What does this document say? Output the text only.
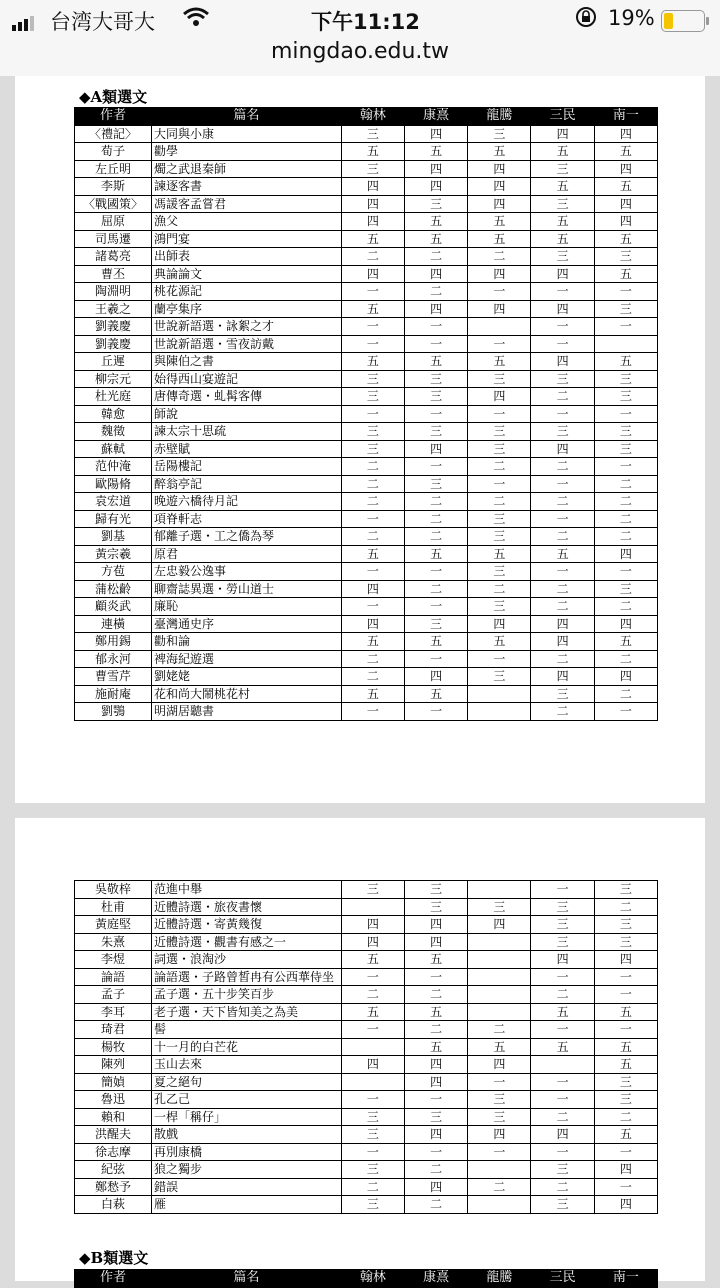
台湾大哥大	下午11:12	19%
mingdao.edu.tw
◆A類選文
作者	篇名	翰林	康熹	龍騰	三民	南一
〈禮記〉	大同與小康	三	四	三	四	四
荀子	勸學	五	五	五	五	五
左丘明	燭之武退秦師	三	四	四	三	四
李斯	諫逐客書	四	四	四	五	五
〈戰國策〉	馮諼客孟嘗君	四	三	四	三	四
屈原	漁父	四	五	五	五	四
司馬遷	鴻門宴	五	五	五	五	五
諸葛亮	出師表	二	二	二	三	三
曹丕	典論論文	四	四	四	四	五
陶淵明	桃花源記	一	二	一	一	一
王羲之	蘭亭集序	五	四	四	四	三
劉義慶	世說新語選・詠絮之才	一	一		一	一
劉義慶	世說新語選・雪夜訪戴	一	一	一	一	
丘遲	與陳伯之書	五	五	五	四	五
柳宗元	始得西山宴遊記	三	三	三	三	三
杜光庭	唐傳奇選・虬髯客傳	三	三	四	二	三
韓愈	師說	一	一	一	一	一
魏徵	諫太宗十思疏	三	三	三	三	三
蘇軾	赤壁賦	三	四	三	四	三
范仲淹	岳陽樓記	二	一	二	二	一
歐陽脩	醉翁亭記	二	三	一	一	二
袁宏道	晚遊六橋待月記	二	二	二	二	二
歸有光	項脊軒志	一	二	三	一	二
劉基	郁離子選・工之僑為琴	二	二	三	二	二
黃宗羲	原君	五	五	五	五	四
方苞	左忠毅公逸事	一	一	三	一	一
蒲松齡	聊齋誌異選・勞山道士	四	二	二	二	三
顧炎武	廉恥	一	一	三	二	二
連橫	臺灣通史序	四	三	四	四	四
鄭用錫	勸和論	五	五	五	四	五
郁永河	裨海紀遊選	二	一	一	二	二
曹雪芹	劉姥姥	二	四	三	四	四
施耐庵	花和尚大鬧桃花村	五	五		三	二
劉鶚	明湖居聽書	一	一		二	一
吳敬梓	范進中舉	三	三		一	三
杜甫	近體詩選・旅夜書懷		三	三	三	二
黃庭堅	近體詩選・寄黃幾復	四	四	四	三	三
朱熹	近體詩選・觀書有感之一	四	四		三	三
李煜	詞選・浪淘沙	五	五		四	四
論語	論語選・子路曾皙冉有公西華侍坐	一	一		一	一
孟子	孟子選・五十步笑百步	二	二		二	一
李耳	老子選・天下皆知美之為美	五	五		五	五
琦君	髻	一	二	二	一	一
楊牧	十一月的白芒花		五	五	五	五
陳列	玉山去來	四	四	四		五
簡媜	夏之絕句		四	一	一	三
魯迅	孔乙己	一	一	三	一	三
賴和	一桿「稱仔」	三	三	三	二	二
洪醒夫	散戲	三	四	四	四	五
徐志摩	再別康橋	一	一	一	一	一
紀弦	狼之獨步	三	二		三	四
鄭愁予	錯誤	二	四	二	二	一
白萩	雁	三	二		三	四
◆B類選文
作者	篇名	翰林	康熹	龍騰	三民	南一
